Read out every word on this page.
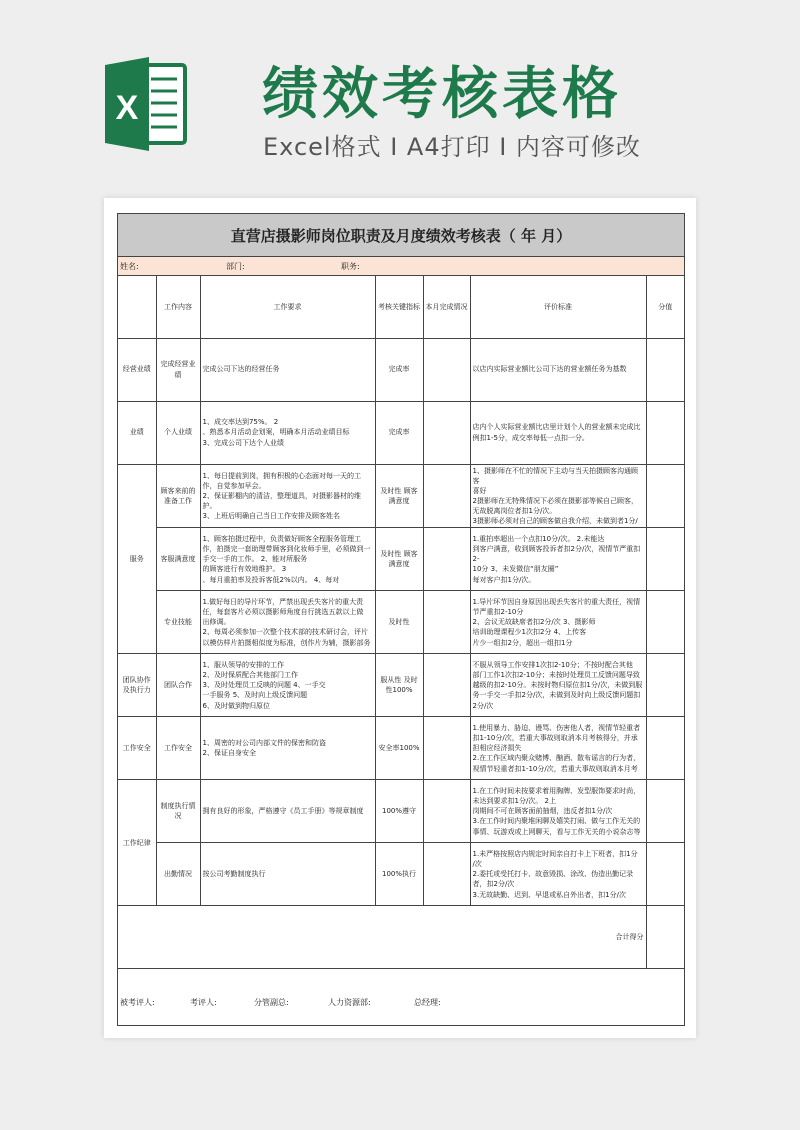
X 绩效考核表格
Excel格式 I A4打印 I 内容可修改
直营店摄影师岗位职责及月度绩效考核表（ 年 月）
姓名:	部门:	职务:
	工作内容	工作要求	考核关键指标	本月完成情况	评价标准	分值
经营业绩	完成经营业绩	完成公司下达的经营任务	完成率		以店内实际营业额比公司下达的营业额任务为基数	

业绩	个人业绩	1、成交率达到75%。 2
、熟悉本月活动企划案，明确本月活动业绩目标
3、完成公司下达个人业绩	完成率		店内个人实际营业额比店里计划个人的营业额未完成比
例扣1-5分，成交率每低一点扣一分。	

服务	顾客来前的准备工作	1、每日提前到岗，拥有积极的心态面对每一天的工
作，自觉参加早会。
2、保证影棚内的清洁，整理道具，对摄影器材的维
护。
3、上班后明确自己当日工作安排及顾客姓名	及时性 顾客满意度		1、摄影师在不忙的情况下主动与当天拍摄顾客沟通顾客
喜好
2摄影师在无特殊情况下必须在摄影部等候自己顾客，
无故脱离岗位者扣1分/次。
3摄影师必须对自己的顾客做自我介绍，未做到者1分/	

	客服满意度	1、顾客拍摄过程中，负责做好顾客全程服务管理工
作，拍摄完一套助理带顾客到化妆师手里，必须做到一
手交一手的工作。 2、能对所服务
的顾客进行有效地维护。 3
、每月重拍率及投诉客低2%以内。 4、每对	及时性 顾客满意度		1.重拍率超出一个点扣10分/次。 2.未能达
到客户满意，收到顾客投诉者扣2分/次，视情节严重扣2-
10分 3、未发微信“朋友圈”
每对客户扣1分/次。	

	专业技能	1.做好每日的导片环节，严禁出现丢失客片的重大责
任，每套客片必须以摄影师角度自行挑选五款以上做
出修调。
2、每周必须参加一次整个技术部的技术研讨会，评片
以模仿样片拍摄相似度为标准，创作片为辅，摄影部务	及时性		1.导片环节因自身原因出现丢失客片的重大责任，视情
节严重扣2-10分
2、会议无故缺席者扣2分/次 3、摄影师
培训助理课程少1次扣2分 4、上传客
片少一组扣2分，超出一组扣1分	

团队协作及执行力	团队合作	1、服从领导的安排的工作
2、及时保质配合其他部门工作
3、及时处理员工反映的问题 4、一手交
一手服务 5、及时向上级反馈问题
6、及时做到物归原位	服从性 及时性100%		不服从领导工作安排1次扣2-10分；不按时配合其他
部门工作1次扣2-10分；未按时处理员工反馈问题导致
越级的扣2-10分。未按时物归原位扣1分/次，未做到服
务一手交一手扣2分/次，未做到及时向上级反馈问题扣
2分/次	

工作安全	工作安全	1、周密的对公司内部文件的保密和防盗
2、保证自身安全	安全率100%		1.使用暴力、胁迫、谩骂、伤害他人者，视情节轻重者
扣1-10分/次，若重大事故则取消本月考核得分，并承
担相应经济损失
2.在工作区域内聚众赌博、酗酒、散布谣言的行为者，
视情节轻重者扣1-10分/次，若重大事故则取消本月考	

工作纪律	制度执行情况	拥有良好的形象，严格遵守《员工手册》等规章制度	100%遵守		1.在工作时间未按要求着用胸牌、发型服饰要求时尚，
未达到要求扣1分/次。 2上
岗期间不可在顾客面前抽烟，违反者扣1分/次
3.在工作时间内聚堆闲聊及嬉笑打闹、做与工作无关的
事情、玩游戏或上网聊天，看与工作无关的小说杂志等	

	出勤情况	按公司考勤制度执行	100%执行		1.未严格按照店内规定时间亲自打卡上下班者，扣1分
/次
2.委托或受托打卡、故意毁损、涂改、伪造出勤记录
者，扣2分/次
3.无故缺勤、迟到、早退或私自外出者，扣1分/次	

合计得分	
被考评人:	考评人:	分管副总:	人力资源部:	总经理:
